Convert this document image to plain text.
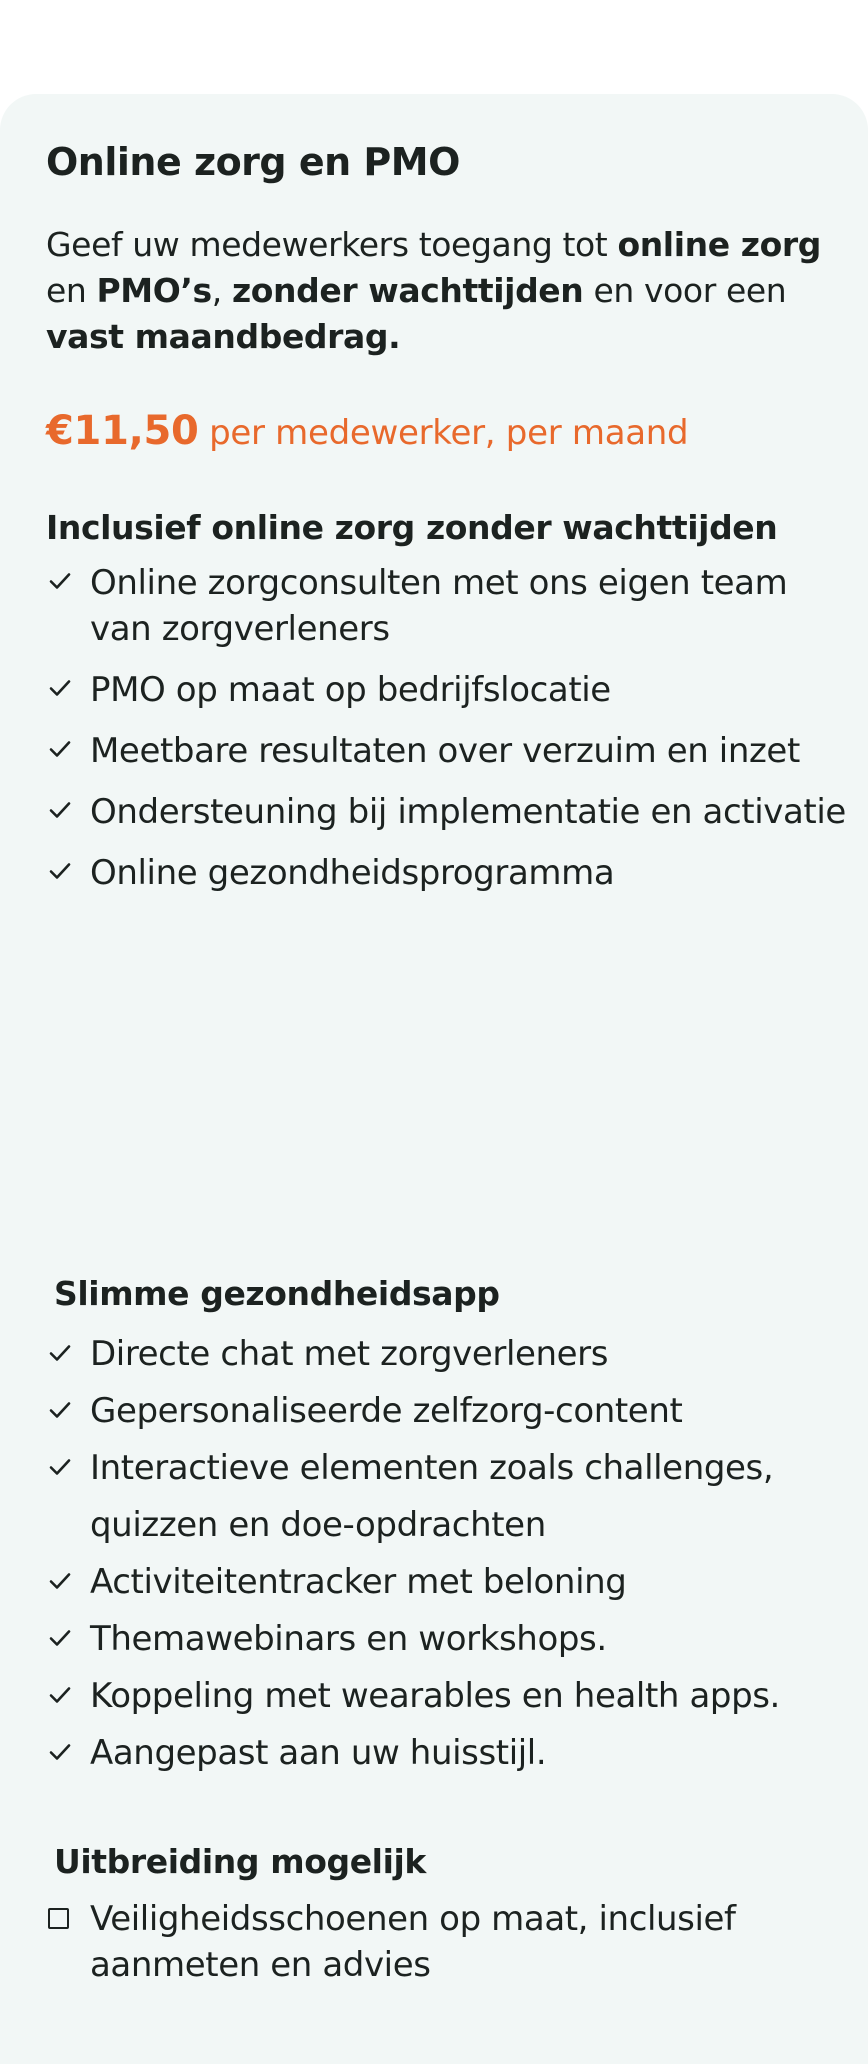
Online zorg en PMO

Geef uw medewerkers toegang tot online zorg en PMO’s, zonder wachttijden en voor een vast maandbedrag.

€11,50 per medewerker, per maand

Inclusief online zorg zonder wachttijden
Online zorgconsulten met ons eigen team van zorgverleners
PMO op maat op bedrijfslocatie
Meetbare resultaten over verzuim en inzet
Ondersteuning bij implementatie en activatie
Online gezondheidsprogramma
Slimme gezondheidsapp
Directe chat met zorgverleners
Gepersonaliseerde zelfzorg-content
Interactieve elementen zoals challenges, quizzen en doe-opdrachten
Activiteitentracker met beloning
Themawebinars en workshops.
Koppeling met wearables en health apps.
Aangepast aan uw huisstijl.
Uitbreiding mogelijk
Veiligheidsschoenen op maat, inclusief aanmeten en advies
